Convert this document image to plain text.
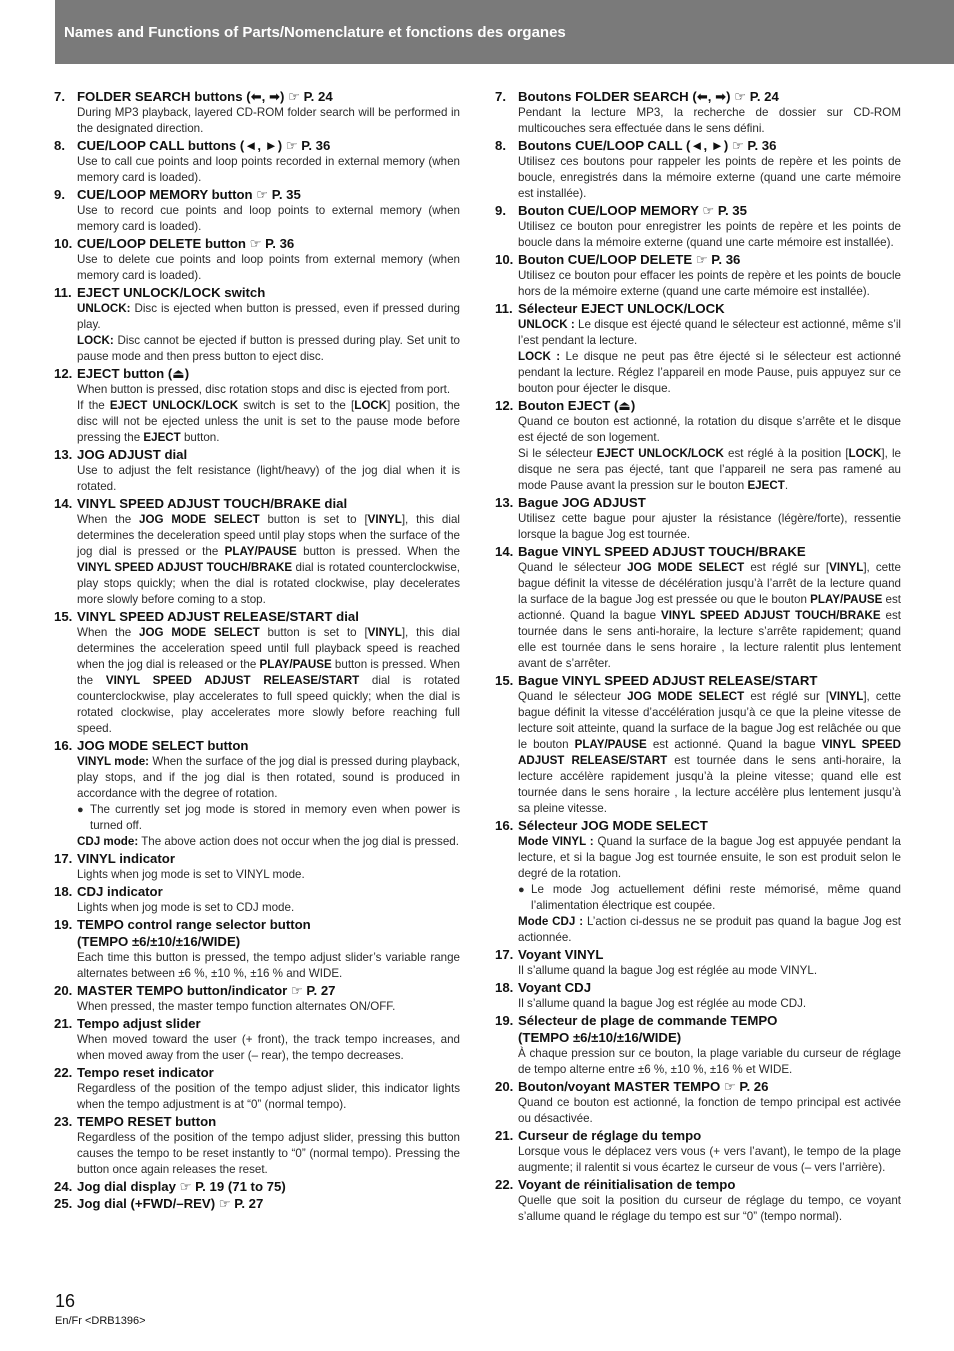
Names and Functions of Parts/Nomenclature et fonctions des organes
7. FOLDER SEARCH buttons (⬅, ➡) ☞ P. 24

During MP3 playback, layered CD-ROM folder search will be performed in the designated direction.

8. CUE/LOOP CALL buttons (◄, ►) ☞ P. 36

Use to call cue points and loop points recorded in external memory (when memory card is loaded).

9. CUE/LOOP MEMORY button ☞ P. 35

Use to record cue points and loop points to external memory (when memory card is loaded).

10. CUE/LOOP DELETE button ☞ P. 36

Use to delete cue points and loop points from external memory (when memory card is loaded).

11. EJECT UNLOCK/LOCK switch

UNLOCK: Disc is ejected when button is pressed, even if pressed during play.

LOCK: Disc cannot be ejected if button is pressed during play. Set unit to pause mode and then press button to eject disc.

12. EJECT button (⏏)

When button is pressed, disc rotation stops and disc is ejected from port.

If the EJECT UNLOCK/LOCK switch is set to the [LOCK] position, the disc will not be ejected unless the unit is set to the pause mode before pressing the EJECT button.

13. JOG ADJUST dial

Use to adjust the felt resistance (light/heavy) of the jog dial when it is rotated.

14. VINYL SPEED ADJUST TOUCH/BRAKE dial

When the JOG MODE SELECT button is set to [VINYL], this dial determines the deceleration speed until play stops when the surface of the jog dial is pressed or the PLAY/PAUSE button is pressed. When the VINYL SPEED ADJUST TOUCH/BRAKE dial is rotated counterclockwise, play stops quickly; when the dial is rotated clockwise, play decelerates more slowly before coming to a stop.

15. VINYL SPEED ADJUST RELEASE/START dial

When the JOG MODE SELECT button is set to [VINYL], this dial determines the acceleration speed until full playback speed is reached when the jog dial is released or the PLAY/PAUSE button is pressed. When the VINYL SPEED ADJUST RELEASE/START dial is rotated counterclockwise, play accelerates to full speed quickly; when the dial is rotated clockwise, play accelerates more slowly before reaching full speed.

16. JOG MODE SELECT button

VINYL mode: When the surface of the jog dial is pressed during playback, play stops, and if the jog dial is then rotated, sound is produced in accordance with the degree of rotation.

● The currently set jog mode is stored in memory even when power is turned off.

CDJ mode: The above action does not occur when the jog dial is pressed.

17. VINYL indicator

Lights when jog mode is set to VINYL mode.

18. CDJ indicator

Lights when jog mode is set to CDJ mode.

19. TEMPO control range selector button
(TEMPO ±6/±10/±16/WIDE)

Each time this button is pressed, the tempo adjust slider’s variable range alternates between ±6 %, ±10 %, ±16 % and WIDE.

20. MASTER TEMPO button/indicator ☞ P. 27

When pressed, the master tempo function alternates ON/OFF.

21. Tempo adjust slider

When moved toward the user (+ front), the track tempo increases, and when moved away from the user (– rear), the tempo decreases.

22. Tempo reset indicator

Regardless of the position of the tempo adjust slider, this indicator lights when the tempo adjustment is at “0” (normal tempo).

23. TEMPO RESET button

Regardless of the position of the tempo adjust slider, pressing this button causes the tempo to be reset instantly to “0” (normal tempo). Pressing the button once again releases the reset.

24. Jog dial display ☞ P. 19 (71 to 75)
25. Jog dial (+FWD/–REV) ☞ P. 27
7. Boutons FOLDER SEARCH (⬅, ➡) ☞ P. 24

Pendant la lecture MP3, la recherche de dossier sur CD-ROM multicouches sera effectuée dans le sens défini.

8. Boutons CUE/LOOP CALL (◄, ►) ☞ P. 36

Utilisez ces boutons pour rappeler les points de repère et les points de boucle, enregistrés dans la mémoire externe (quand une carte mémoire est installée).

9. Bouton CUE/LOOP MEMORY ☞ P. 35

Utilisez ce bouton pour enregistrer les points de repère et les points de boucle dans la mémoire externe (quand une carte mémoire est installée).

10. Bouton CUE/LOOP DELETE ☞ P. 36

Utilisez ce bouton pour effacer les points de repère et les points de boucle hors de la mémoire externe (quand une carte mémoire est installée).

11. Sélecteur EJECT UNLOCK/LOCK

UNLOCK : Le disque est éjecté quand le sélecteur est actionné, même s’il l’est pendant la lecture.

LOCK : Le disque ne peut pas être éjecté si le sélecteur est actionné pendant la lecture. Réglez l’appareil en mode Pause, puis appuyez sur ce bouton pour éjecter le disque.

12. Bouton EJECT (⏏)

Quand ce bouton est actionné, la rotation du disque s’arrête et le disque est éjecté de son logement.

Si le sélecteur EJECT UNLOCK/LOCK est réglé à la position [LOCK], le disque ne sera pas éjecté, tant que l’appareil ne sera pas ramené au mode Pause avant la pression sur le bouton EJECT.

13. Bague JOG ADJUST

Utilisez cette bague pour ajuster la résistance (légère/forte), ressentie lorsque la bague Jog est tournée.

14. Bague VINYL SPEED ADJUST TOUCH/BRAKE

Quand le sélecteur JOG MODE SELECT est réglé sur [VINYL], cette bague définit la vitesse de décélération jusqu’à l’arrêt de la lecture quand la surface de la bague Jog est pressée ou que le bouton PLAY/PAUSE est actionné. Quand la bague VINYL SPEED ADJUST TOUCH/BRAKE est tournée dans le sens anti-horaire, la lecture s’arrête rapidement; quand elle est tournée dans le sens horaire , la lecture ralentit plus lentement avant de s’arrêter.

15. Bague VINYL SPEED ADJUST RELEASE/START

Quand le sélecteur JOG MODE SELECT est réglé sur [VINYL], cette bague définit la vitesse d’accélération jusqu’à ce que la pleine vitesse de lecture soit atteinte, quand la surface de la bague Jog est relâchée ou que le bouton PLAY/PAUSE est actionné. Quand la bague VINYL SPEED ADJUST RELEASE/START est tournée dans le sens anti-horaire, la lecture accélère rapidement jusqu’à la pleine vitesse; quand elle est tournée dans le sens horaire , la lecture accélère plus lentement jusqu’à sa pleine vitesse.

16. Sélecteur JOG MODE SELECT

Mode VINYL : Quand la surface de la bague Jog est appuyée pendant la lecture, et si la bague Jog est tournée ensuite, le son est produit selon le degré de la rotation.

● Le mode Jog actuellement défini reste mémorisé, même quand l’alimentation électrique est coupée.

Mode CDJ : L’action ci-dessus ne se produit pas quand la bague Jog est actionnée.

17. Voyant VINYL

Il s’allume quand la bague Jog est réglée au mode VINYL.

18. Voyant CDJ

Il s’allume quand la bague Jog est réglée au mode CDJ.

19. Sélecteur de plage de commande TEMPO
(TEMPO ±6/±10/±16/WIDE)

À chaque pression sur ce bouton, la plage variable du curseur de réglage de tempo alterne entre ±6 %, ±10 %, ±16 % et WIDE.

20. Bouton/voyant MASTER TEMPO ☞ P. 26

Quand ce bouton est actionné, la fonction de tempo principal est activée ou désactivée.

21. Curseur de réglage du tempo

Lorsque vous le déplacez vers vous (+ vers l’avant), le tempo de la plage augmente; il ralentit si vous écartez le curseur de vous (– vers l’arrière).

22. Voyant de réinitialisation de tempo

Quelle que soit la position du curseur de réglage du tempo, ce voyant s’allume quand le réglage du tempo est sur “0” (tempo normal).

16
En/Fr <DRB1396>
